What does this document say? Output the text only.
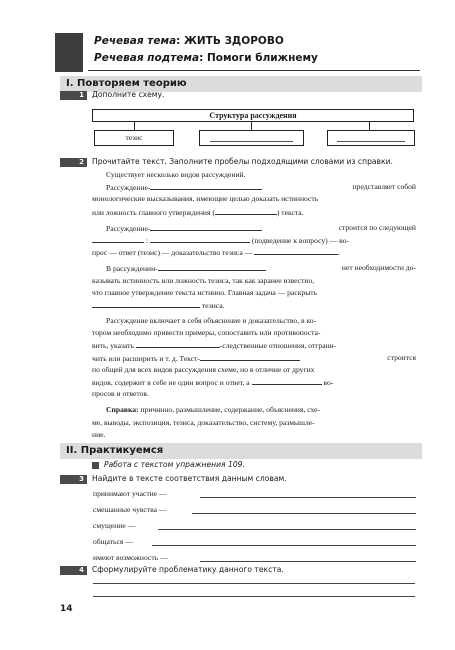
Речевая тема: ЖИТЬ ЗДОРОВО
Речевая подтема: Помоги ближнему
I. Повторяем теорию
1	Дополните схему.
Структура рассуждения
тезис
2	Прочитайте текст. Заполните пробелы подходящими словами из справки.
Существует несколько видов рассуждений.
Рассуждение-	представляет собой
монологические высказывания, имеющие целью доказать истинность
или ложность главного утверждения (	) текста.
Рассуждение-	строится по следующей
:	(подведение к вопросу) — во-
прос — ответ (тезис) — доказательство тезиса —	.
В рассуждении-	нет необходимости до-
казывать истинность или ложность тезиса, так как заранее известно,
что главное утверждение текста истинно. Главная задача — раскрыть
тезиса.
Рассуждение включает в себя объяснение и доказательство, в ко-
тором необходимо привести примеры, сопоставить или противопоста-
вить, указать	-следственные отношения, отграни-
чить или расширить и т. д. Текст-	строится
по общей для всех видов рассуждения схеме, но в отличие от других
видов, содержит в себе не один вопрос и ответ, а	во-
просов и ответов.
Справка: причинно, размышление, содержание, объяснения, схе-
ме, выводы, экспозиция, тезиса, доказательство, систему, размышле-
ние.
II. Практикуемся
Работа с текстом упражнения 109.
3	Найдите в тексте соответствия данным словам.
принимают участие —
смешанные чувства —
смущение —
общаться —
имеют возможность —
4	Сформулируйте проблематику данного текста.
14
